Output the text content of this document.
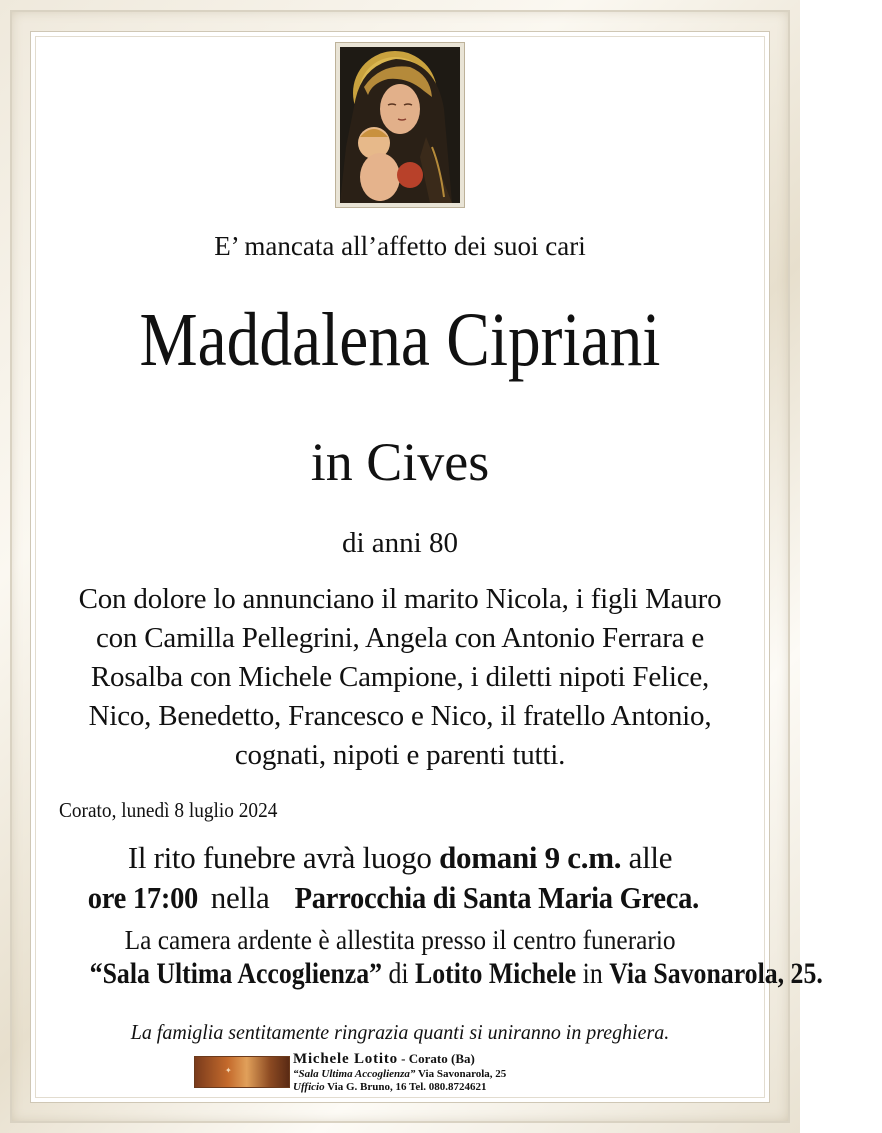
E’ mancata all’affetto dei suoi cari
Maddalena Cipriani
in Cives
di anni 80
Con dolore lo annunciano il marito Nicola, i figli Mauro
con Camilla Pellegrini, Angela con Antonio Ferrara e
Rosalba con Michele Campione, i diletti nipoti Felice,
Nico, Benedetto, Francesco e Nico, il fratello Antonio,
cognati, nipoti e parenti tutti.
Corato, lunedì 8 luglio 2024
Il rito funebre avrà luogo domani 9 c.m. alle
ore 17:00 nella Parrocchia di Santa Maria Greca.
La camera ardente è allestita presso il centro funerario
“Sala Ultima Accoglienza” di Lotito Michele in Via Savonarola, 25.
La famiglia sentitamente ringrazia quanti si uniranno in preghiera.
✦
Michele Lotito - Corato (Ba)
“Sala Ultima Accoglienza” Via Savonarola, 25
Ufficio Via G. Bruno, 16 Tel. 080.8724621
